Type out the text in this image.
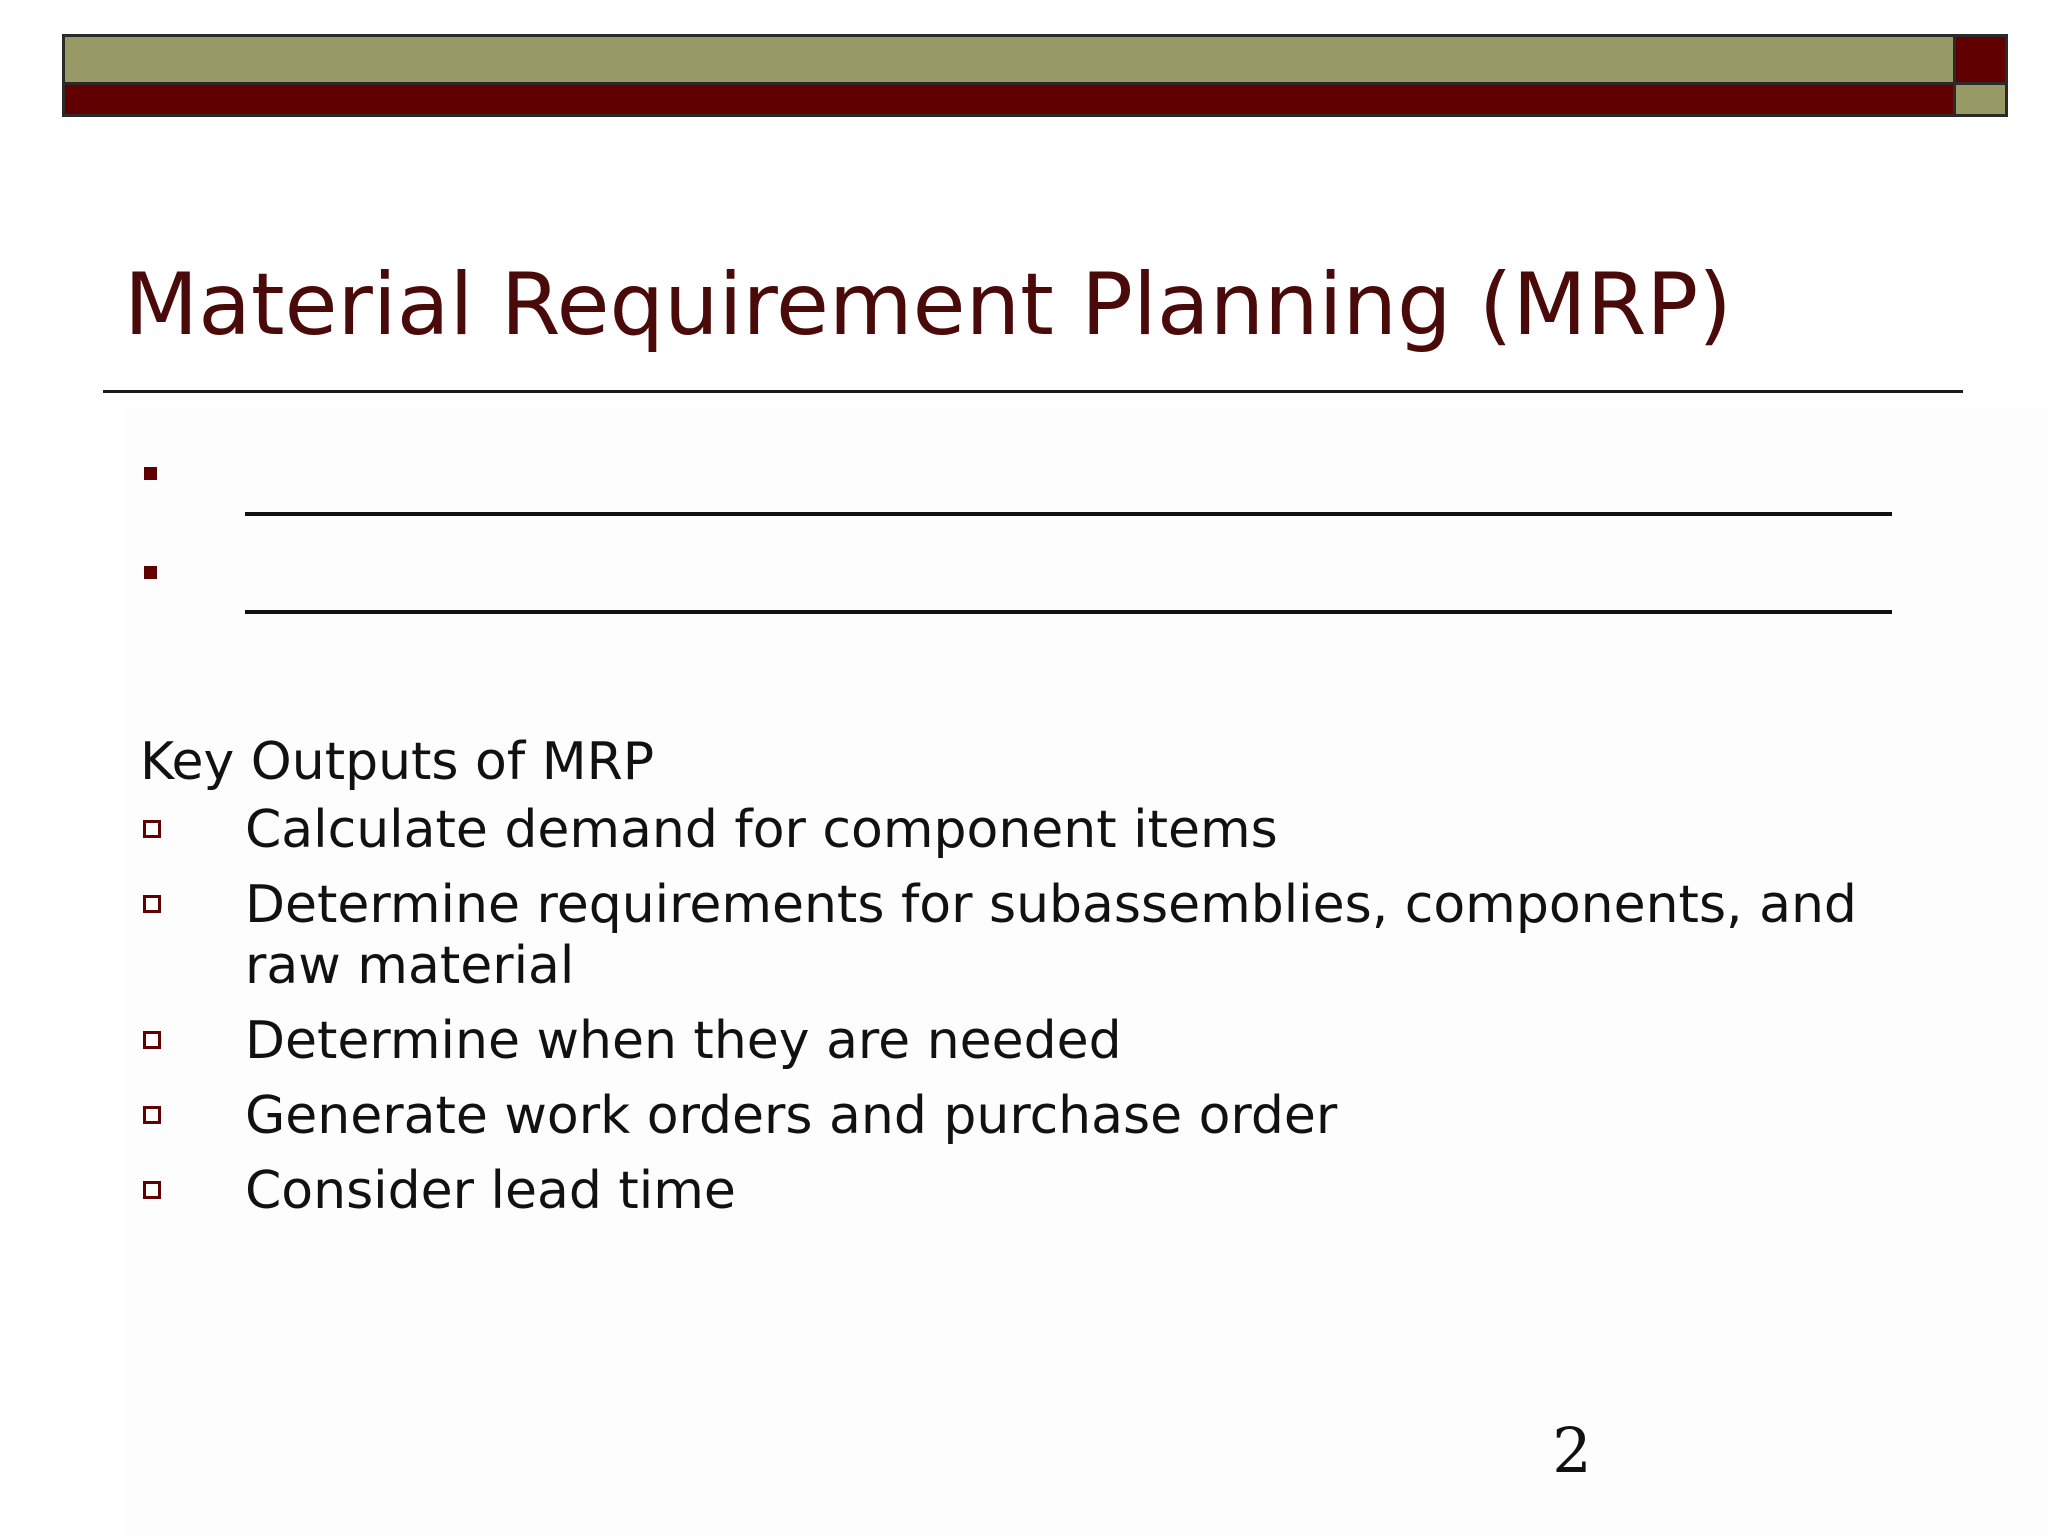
Material Requirement Planning (MRP)

Key Outputs of MRP

Calculate demand for component items
Determine requirements for subassemblies, components, and raw material
Determine when they are needed
Generate work orders and purchase order
Consider lead time
2
